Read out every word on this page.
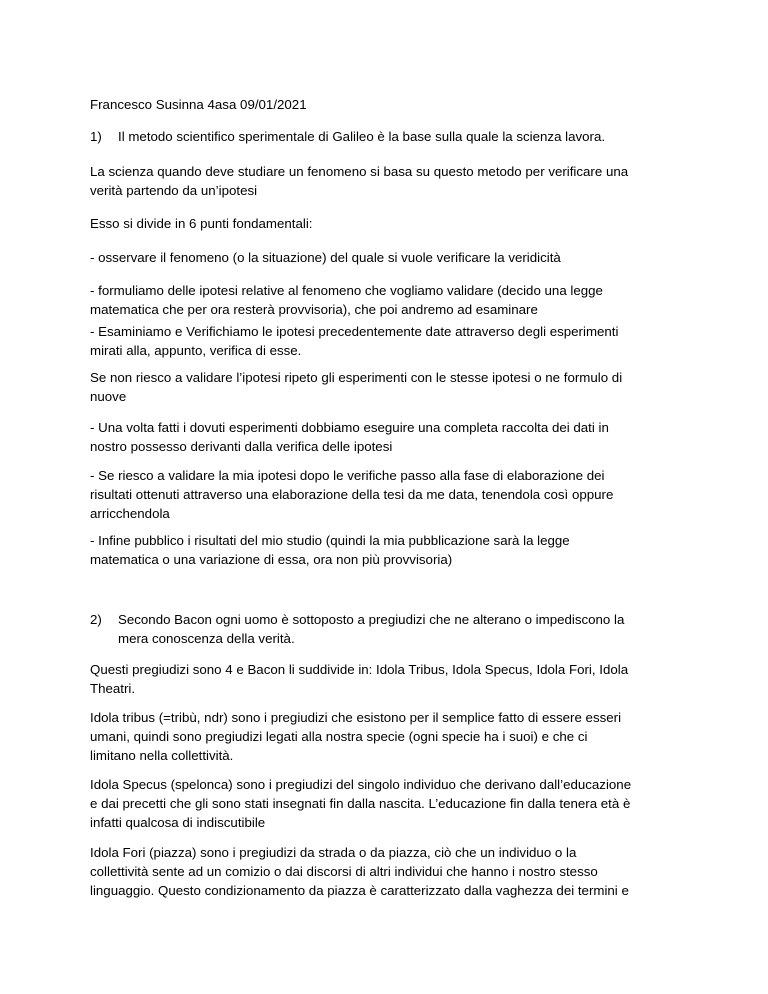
Francesco Susinna 4asa 09/01/2021
1) Il metodo scientifico sperimentale di Galileo è la base sulla quale la scienza lavora.
La scienza quando deve studiare un fenomeno si basa su questo metodo per verificare una
verità partendo da un’ipotesi
Esso si divide in 6 punti fondamentali:
- osservare il fenomeno (o la situazione) del quale si vuole verificare la veridicità
- formuliamo delle ipotesi relative al fenomeno che vogliamo validare (decido una legge
matematica che per ora resterà provvisoria), che poi andremo ad esaminare
- Esaminiamo e Verifichiamo le ipotesi precedentemente date attraverso degli esperimenti
mirati alla, appunto, verifica di esse.
Se non riesco a validare l’ipotesi ripeto gli esperimenti con le stesse ipotesi o ne formulo di
nuove
- Una volta fatti i dovuti esperimenti dobbiamo eseguire una completa raccolta dei dati in
nostro possesso derivanti dalla verifica delle ipotesi
- Se riesco a validare la mia ipotesi dopo le verifiche passo alla fase di elaborazione dei
risultati ottenuti attraverso una elaborazione della tesi da me data, tenendola così oppure
arricchendola
- Infine pubblico i risultati del mio studio (quindi la mia pubblicazione sarà la legge
matematica o una variazione di essa, ora non più provvisoria)
2) Secondo Bacon ogni uomo è sottoposto a pregiudizi che ne alterano o impediscono la
mera conoscenza della verità.
Questi pregiudizi sono 4 e Bacon li suddivide in: Idola Tribus, Idola Specus, Idola Fori, Idola
Theatri.
Idola tribus (=tribù, ndr) sono i pregiudizi che esistono per il semplice fatto di essere esseri
umani, quindi sono pregiudizi legati alla nostra specie (ogni specie ha i suoi) e che ci
limitano nella collettività.
Idola Specus (spelonca) sono i pregiudizi del singolo individuo che derivano dall’educazione
e dai precetti che gli sono stati insegnati fin dalla nascita. L’educazione fin dalla tenera età è
infatti qualcosa di indiscutibile
Idola Fori (piazza) sono i pregiudizi da strada o da piazza, ciò che un individuo o la
collettività sente ad un comizio o dai discorsi di altri individui che hanno i nostro stesso
linguaggio. Questo condizionamento da piazza è caratterizzato dalla vaghezza dei termini e
